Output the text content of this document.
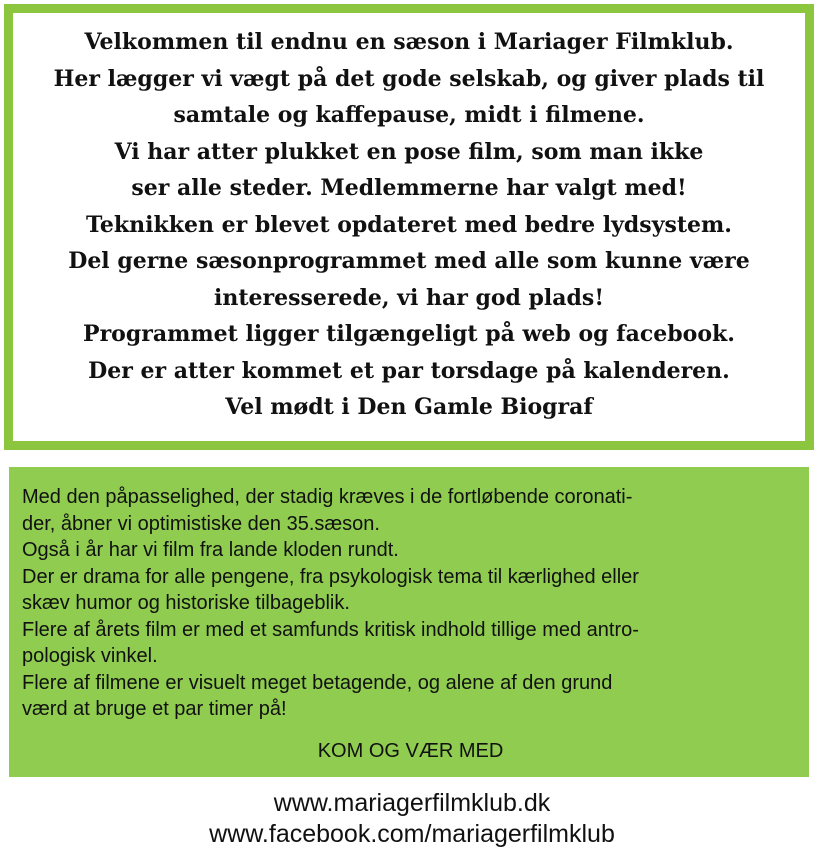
Velkommen til endnu en sæson i Mariager Filmklub.

Her lægger vi vægt på det gode selskab, og giver plads til

samtale og kaffepause, midt i filmene.

Vi har atter plukket en pose film, som man ikke

ser alle steder. Medlemmerne har valgt med!

Teknikken er blevet opdateret med bedre lydsystem.

Del gerne sæsonprogrammet med alle som kunne være

interesserede, vi har god plads!

Programmet ligger tilgængeligt på web og facebook.

Der er atter kommet et par torsdage på kalenderen.

Vel mødt i Den Gamle Biograf

Med den påpasselighed, der stadig kræves i de fortløbende coronati-

der, åbner vi optimistiske den 35.sæson.

Også i år har vi film fra lande kloden rundt.

Der er drama for alle pengene, fra psykologisk tema til kærlighed eller

skæv humor og historiske tilbageblik.

Flere af årets film er med et samfunds kritisk indhold tillige med antro-

pologisk vinkel.

Flere af filmene er visuelt meget betagende, og alene af den grund

værd at bruge et par timer på!

KOM OG VÆR MED

www.mariagerfilmklub.dk

www.facebook.com/mariagerfilmklub
